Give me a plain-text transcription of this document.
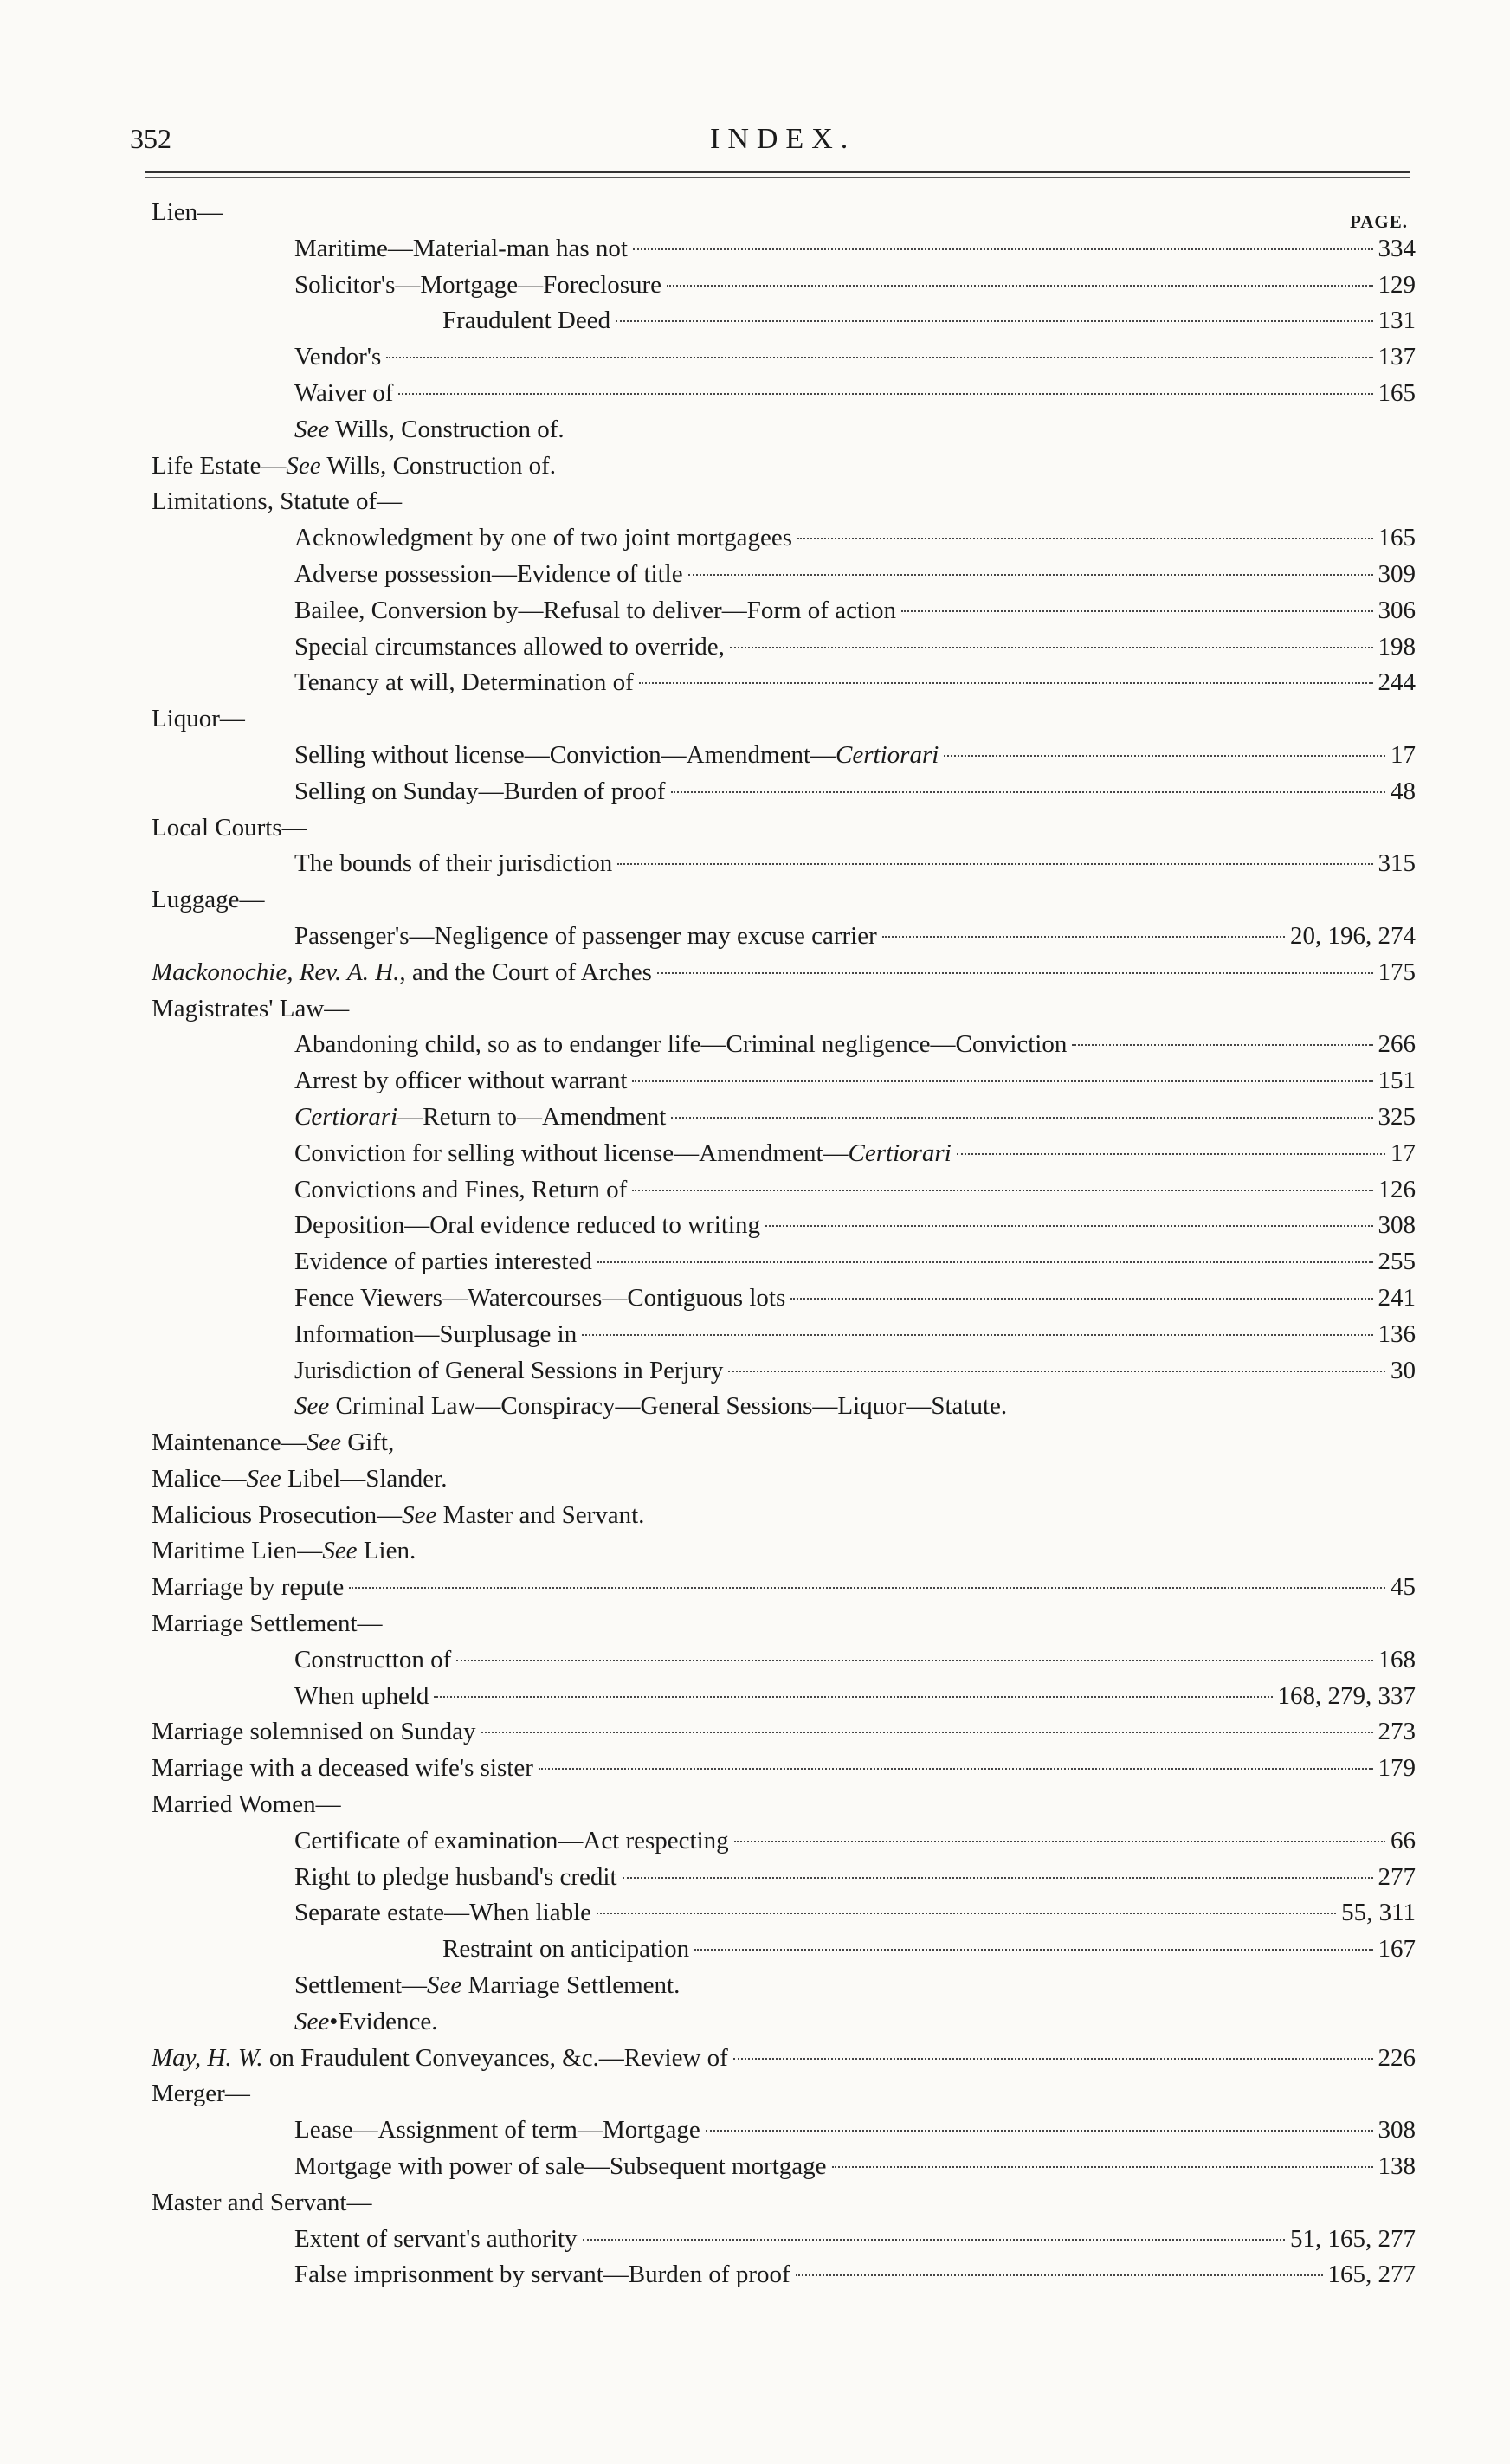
352	INDEX.
PAGE.
Lien—
Maritime—Material-man has not	334
Solicitor's—Mortgage—Foreclosure	129
Fraudulent Deed	131
Vendor's	137
Waiver of	165
See Wills, Construction of.
Life Estate—See Wills, Construction of.
Limitations, Statute of—
Acknowledgment by one of two joint mortgagees	165
Adverse possession—Evidence of title	309
Bailee, Conversion by—Refusal to deliver—Form of action	306
Special circumstances allowed to override,	198
Tenancy at will, Determination of	244
Liquor—
Selling without license—Conviction—Amendment—Certiorari	17
Selling on Sunday—Burden of proof	48
Local Courts—
The bounds of their jurisdiction	315
Luggage—
Passenger's—Negligence of passenger may excuse carrier	20, 196, 274
Mackonochie, Rev. A. H., and the Court of Arches	175
Magistrates' Law—
Abandoning child, so as to endanger life—Criminal negligence—Conviction	266
Arrest by officer without warrant	151
Certiorari—Return to—Amendment	325
Conviction for selling without license—Amendment—Certiorari	17
Convictions and Fines, Return of	126
Deposition—Oral evidence reduced to writing	308
Evidence of parties interested	255
Fence Viewers—Watercourses—Contiguous lots	241
Information—Surplusage in	136
Jurisdiction of General Sessions in Perjury	30
See Criminal Law—Conspiracy—General Sessions—Liquor—Statute.
Maintenance—See Gift,
Malice—See Libel—Slander.
Malicious Prosecution—See Master and Servant.
Maritime Lien—See Lien.
Marriage by repute	45
Marriage Settlement—
Constructton of	168
When upheld	168, 279, 337
Marriage solemnised on Sunday	273
Marriage with a deceased wife's sister	179
Married Women—
Certificate of examination—Act respecting	66
Right to pledge husband's credit	277
Separate estate—When liable	55, 311
Restraint on anticipation	167
Settlement—See Marriage Settlement.
See•Evidence.
May, H. W. on Fraudulent Conveyances, &c.—Review of	226
Merger—
Lease—Assignment of term—Mortgage	308
Mortgage with power of sale—Subsequent mortgage	138
Master and Servant—
Extent of servant's authority	51, 165, 277
False imprisonment by servant—Burden of proof	165, 277
